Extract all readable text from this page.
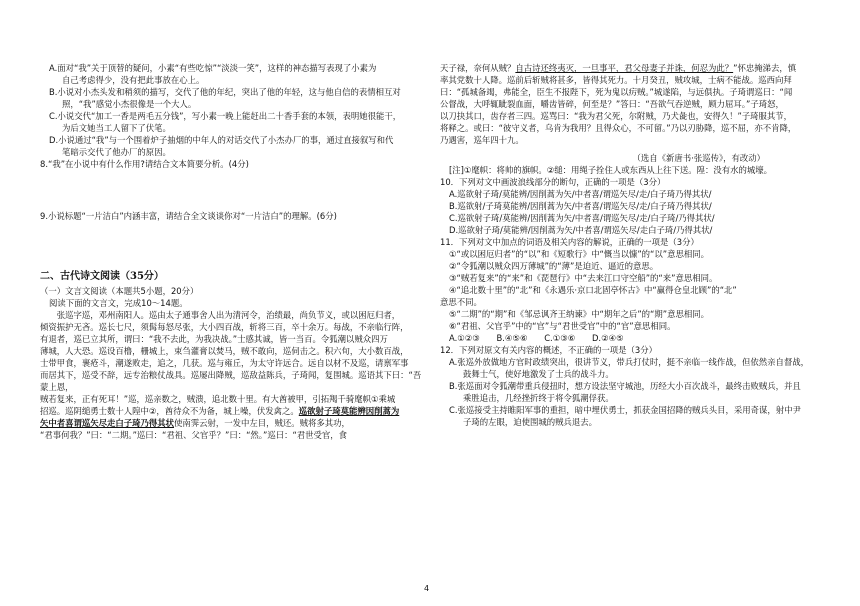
A.面对“我”关于顶替的疑问，小素“有些吃惊”“淡淡一笑”，这样的神态描写表现了小素为

自己考虑得少，没有把此事放在心上。

B.小说对小杰头发和稍须的描写，交代了他的年纪，突出了他的年轻，这与他自信的表情相互对

照，“我”感觉小杰很像是一个大人。

C.小说交代“加工一香是两毛五分钱”，写小素一晚上能赶出二十香手套的本领，表明她很能干，

为后文她当工人留下了伏笔。

D.小说通过“我”与一个围着炉子抽烟的中年人的对话交代了小杰办厂的事，通过直接叙写和代

笔暗示交代了他办厂的原因。

8.“我”在小说中有什么作用?请结合文本简要分析。(4分)

9.小说标题“一片洁白”内涵丰富，请结合全文谈谈你对“一片洁白”的理解。(6分)

二、古代诗文阅读（35分）

（一）文言文阅读（本题共5小题，20分）

阅读下面的文言文，完成10～14题。

张巡字巡，邓州南阳人。巡由太子通事舍人出为清河令，治绩最，尚负节义，或以困厄归者，

倾资振护无吝。巡长七尺，须髯每怒尽张，大小四百战，斩将三百，卒十余万。每战，不亲临行阵，

有退者，巡已立其所，谓曰：“我不去此，为我决战。”士感其诚，皆一当百。令狐潮以贼众四万

薄城，人大恐。巡设百橹，栅城上，束刍灌膏以焚马，贼不敢向，巡伺击之。积六旬，大小数百战，

士带甲食，裹疮斗，潮遂败走，追之，几获。巡与雍丘，为太守许远合。远自以材不及巡，请禀军事

而居其下，巡受不辞，远专治粮仗战具。巡屡出降贼，巡敌益陈兵，子琦闻，复围城。巡语其下曰：“吾蒙上恩，

贼若复来，正有死耳！”巡，巡亲数之，贼溃，追北数十里。有大酋被甲，引拓羯千骑麾帜①乘城

招巡。巡阴缒勇士数十人隍中②，酋待众不为备，城上噪，伏发禽之。巡欲射子琦莫能辨因削蒿为

矢中者喜谓巡矢尽走白子琦乃得其状使南霁云射，一发中左目，贼还。贼将多其功，

“君事何我？”曰：“二期。”巡曰：“君祖、父官乎？”曰：“然。”巡曰：“君世受官，食

天子禄，奈何从贼？自古诗还终夷灭，一旦事平，君父母妻子并诛，何忍为此？”怀忠掩涕去，慎

率其党数十人降。巡前后斩贼将甚多，皆得其死力。十月癸丑，贼攻城，士病不能战。巡西向拜

曰：“孤城备竭，弗能全，臣生不报陛下，死为鬼以疠贼。”城遂陷，与远俱执。子琦谓巡曰：“闻

公督战，大呼辄眦裂血面，嚼齿皆碎，何至是？”答曰：“吾欲气吞逆贼，顾力屈耳。”子琦怒，

以刀抉其口，齿存者三四。巡骂曰：“我为君父死，尔附贼，乃犬彘也，安得久！”子琦服其节，

将释之。或曰：“彼守义者，乌肯为我用？且得众心，不可留。”乃以刃胁降，巡不屈，亦不肯降，

乃遇害，巡年四十九。

（选自《新唐书·张巡传》，有改动）

[注]①麾帜：将帅的旗帜。②缒：用绳子拴住人或东西从上往下送。隍：没有水的城壕。

10．下列对文中画波浪线部分的断句，正确的一项是（3分）

A.巡欲射子琦/莫能辨/因削蒿为矢/中者喜/谓巡矢尽/走/白子琦乃得其状/

B.巡欲射/子琦莫能辨/因削蒿为矢/中者喜/谓巡矢尽/走/白子琦乃得其状/

C.巡欲射子琦/莫能辨/因削蒿为矢/中者喜/谓巡矢尽/走/白子琦/乃得其状/

D.巡欲射子琦/莫能辨/因削蒿为矢/中者喜/谓巡矢尽/走白子琦/乃得其状/

11．下列对文中加点的词语及相关内容的解说，正确的一项是（3分）

①“或以困厄归者”的“以”和《短歌行》中“慨当以慷”的“以”意思相同。

②“令狐潮以贼众四万薄城”的“薄”是迫近、逼近的意思。

③“贼若复来”的“来”和《琵琶行》中“去来江口守空船”的“来”意思相同。

④“追北数十里”的“北”和《永遇乐·京口北固亭怀古》中“赢得仓皇北顾”的“北”

意思不同。

⑤“二期”的“期”和《邹忌讽齐王纳谏》中“期年之后”的“期”意思相同。

⑥“君祖、父官乎”中的“官”与“君世受官”中的“官”意思相同。

A.①②③　　B.④⑤⑥　　C.①③⑥　　D.②④⑤

12．下列对原文有关内容的概述，不正确的一项是（3分）

A.张巡外放做地方官时政绩突出，很讲节义，带兵打仗时，挺不亲临一线作战，但依然亲自督战，

鼓舞士气，使好地激发了士兵的战斗力。

B.张巡面对令狐潮带重兵侵扭时，想方设法坚守城池，历经大小百次战斗，最终击败贼兵，并且

乘胜追击，几经挫折终于将令狐潮俘获。

C.张巡接受主持睢阳军事的重担，暗中埋伏勇士，抓获金国招降的贼兵头目，采用奇谋，射中尹

子琦的左眼，迫使围城的贼兵退去。

4
